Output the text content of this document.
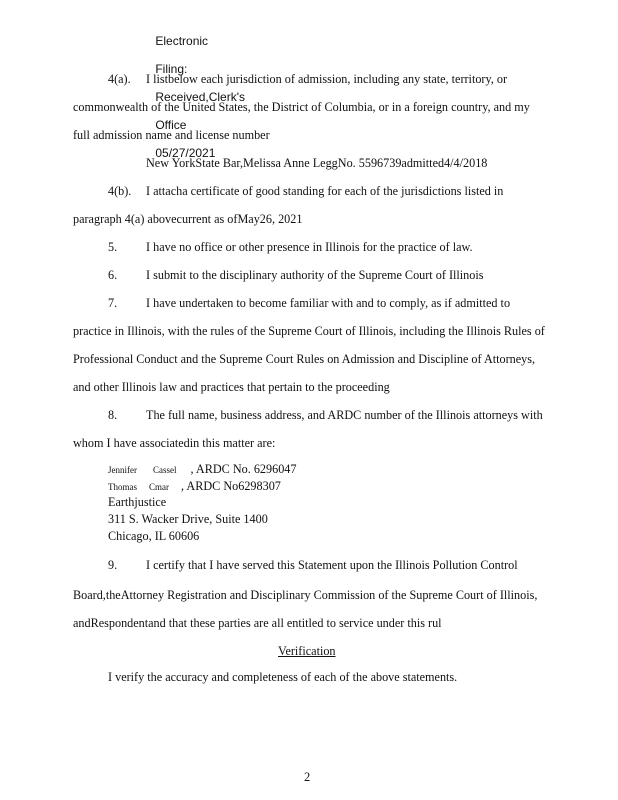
Electronic

Filing:

Received,Clerk's

Office

05/27/2021

4(a). I listbelow each jurisdiction of admission, including any state, territory, or
commonwealth of the United States, the District of Columbia, or in a foreign country, and my
full admission name and license number
New YorkState Bar,Melissa Anne LeggNo. 5596739admitted4/4/2018
4(b). I attacha certificate of good standing for each of the jurisdictions listed in
paragraph 4(a) abovecurrent as ofMay26, 2021
5. I have no office or other presence in Illinois for the practice of law.
6. I submit to the disciplinary authority of the Supreme Court of Illinois
7. I have undertaken to become familiar with and to comply, as if admitted to
practice in Illinois, with the rules of the Supreme Court of Illinois, including the Illinois Rules of
Professional Conduct and the Supreme Court Rules on Admission and Discipline of Attorneys,
and other Illinois law and practices that pertain to the proceeding
8. The full name, business address, and ARDC number of the Illinois attorneys with
whom I have associatedin this matter are:
Jennifer Cassel , ARDC No. 6296047
Thomas Cmar , ARDC No6298307
Earthjustice
311 S. Wacker Drive, Suite 1400
Chicago, IL 60606
9. I certify that I have served this Statement upon the Illinois Pollution Control
Board,theAttorney Registration and Disciplinary Commission of the Supreme Court of Illinois,
andRespondentand that these parties are all entitled to service under this rul
Verification
I verify the accuracy and completeness of each of the above statements.
2
